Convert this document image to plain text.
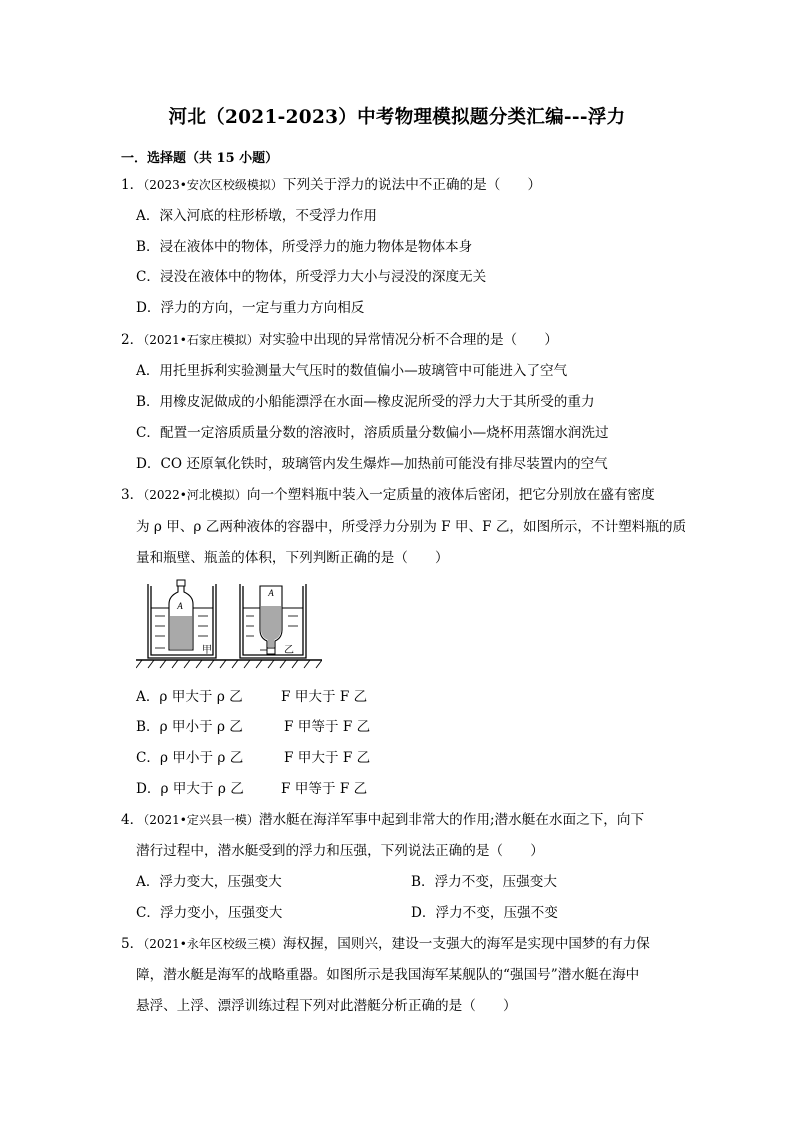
河北（2021-2023）中考物理模拟题分类汇编---浮力
一．选择题（共 15 小题）
1．（2023•安次区校级模拟）下列关于浮力的说法中不正确的是（　　）
A．深入河底的柱形桥墩，不受浮力作用
B．浸在液体中的物体，所受浮力的施力物体是物体本身
C．浸没在液体中的物体，所受浮力大小与浸没的深度无关
D．浮力的方向，一定与重力方向相反
2．（2021•石家庄模拟）对实验中出现的异常情况分析不合理的是（　　）
A．用托里拆利实验测量大气压时的数值偏小—玻璃管中可能进入了空气
B．用橡皮泥做成的小船能漂浮在水面—橡皮泥所受的浮力大于其所受的重力
C．配置一定溶质质量分数的溶液时，溶质质量分数偏小—烧杯用蒸馏水润洗过
D．CO 还原氧化铁时，玻璃管内发生爆炸—加热前可能没有排尽装置内的空气
3．（2022•河北模拟）向一个塑料瓶中装入一定质量的液体后密闭，把它分别放在盛有密度
为 ρ 甲、ρ 乙两种液体的容器中，所受浮力分别为 F 甲、F 乙，如图所示，不计塑料瓶的质
量和瓶壁、瓶盖的体积，下列判断正确的是（　　）
A
甲
A
乙
A．ρ 甲大于 ρ 乙	F 甲大于 F 乙
B．ρ 甲小于 ρ 乙	F 甲等于 F 乙
C．ρ 甲小于 ρ 乙	F 甲大于 F 乙
D．ρ 甲大于 ρ 乙	F 甲等于 F 乙
4．（2021•定兴县一模）潜水艇在海洋军事中起到非常大的作用;潜水艇在水面之下，向下
潜行过程中，潜水艇受到的浮力和压强，下列说法正确的是（　　）
A．浮力变大，压强变大	B．浮力不变，压强变大
C．浮力变小，压强变大	D．浮力不变，压强不变
5．（2021•永年区校级三模）海权握，国则兴，建设一支强大的海军是实现中国梦的有力保
障，潜水艇是海军的战略重器。如图所示是我国海军某舰队的“强国号”潜水艇在海中
悬浮、上浮、漂浮训练过程下列对此潜艇分析正确的是（　　）
